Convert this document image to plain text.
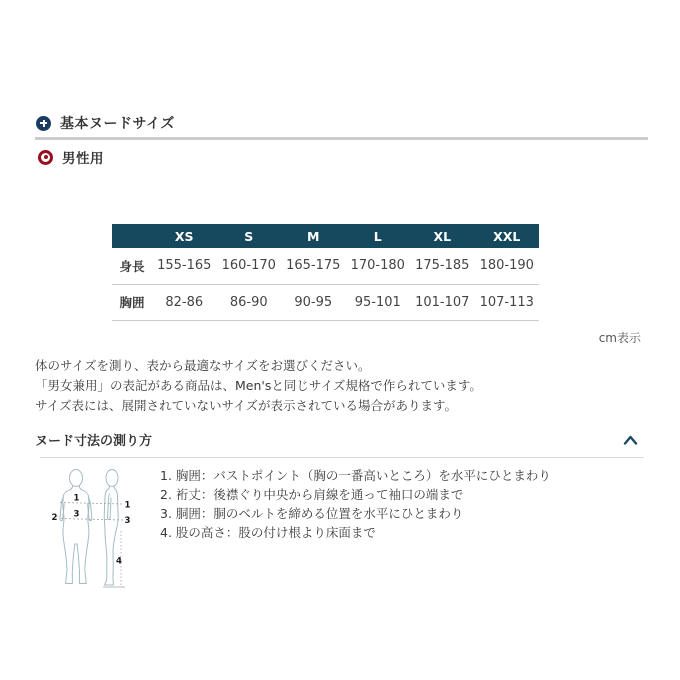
基本ヌードサイズ
男性用
	XS	S	M	L	XL	XXL
身長	155-165	160-170	165-175	170-180	175-185	180-190
胸囲	82-86	86-90	90-95	95-101	101-107	107-113
cm表示
体のサイズを測り、表から最適なサイズをお選びください。
「男女兼用」の表記がある商品は、Men'sと同じサイズ規格で作られています。
サイズ表には、展開されていないサイズが表示されている場合があります。
ヌード寸法の測り方
1
2 3
1
3
4
1. 胸囲：バストポイント（胸の一番高いところ）を水平にひとまわり
2. 裄丈：後襟ぐり中央から肩線を通って袖口の端まで
3. 胴囲：胴のベルトを締める位置を水平にひとまわり
4. 股の高さ：股の付け根より床面まで
